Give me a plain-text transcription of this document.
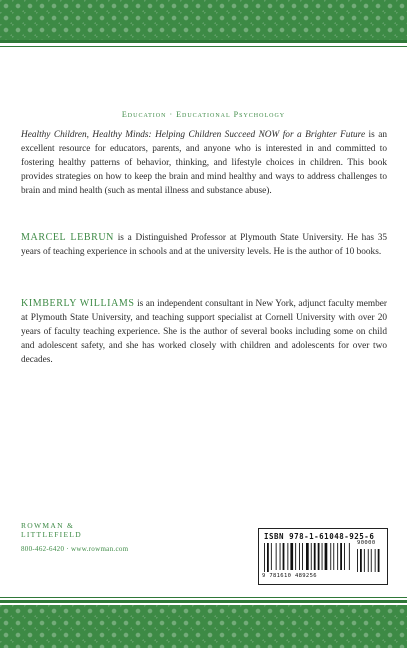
Education · Educational Psychology

Healthy Children, Healthy Minds: Helping Children Succeed NOW for a Brighter Future is an excellent resource for educators, parents, and anyone who is interested in and committed to fostering healthy patterns of behavior, thinking, and lifestyle choices in children. This book provides strategies on how to keep the brain and mind healthy and ways to address challenges to brain and mind health (such as mental illness and substance abuse).

MARCEL LEBRUN is a Distinguished Professor at Plymouth State University. He has 35 years of teaching experience in schools and at the university levels. He is the author of 10 books.

KIMBERLY WILLIAMS is an independent consultant in New York, adjunct faculty member at Plymouth State University, and teaching support specialist at Cornell University with over 20 years of faculty teaching experience. She is the author of several books including some on child and adolescent safety, and she has worked closely with children and adolescents for over two decades.

ROWMAN &
LITTLEFIELD
800-462-6420 · www.rowman.com
ISBN 978-1-61048-925-6
9 781610 489256
90000
